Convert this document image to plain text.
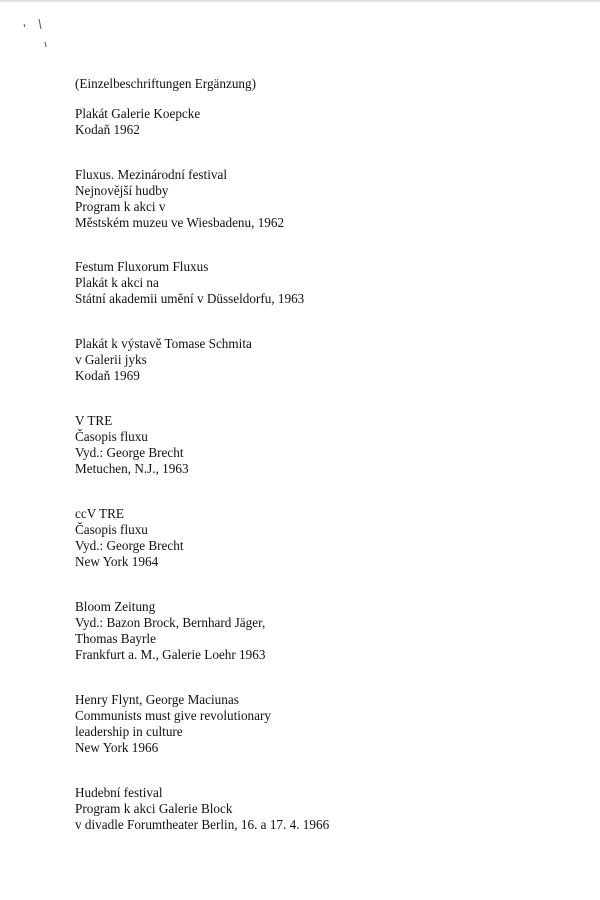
(Einzelbeschriftungen Ergänzung)
Plakát Galerie Koepcke
Kodaň 1962
Fluxus. Mezinárodní festival
Nejnovější hudby
Program k akci v
Městském muzeu ve Wiesbadenu, 1962
Festum Fluxorum Fluxus
Plakát k akci na
Státní akademii umění v Düsseldorfu, 1963
Plakát k výstavě Tomase Schmita
v Galerii jyks
Kodaň 1969
V TRE
Časopis fluxu
Vyd.: George Brecht
Metuchen, N.J., 1963
ccV TRE
Časopis fluxu
Vyd.: George Brecht
New York 1964
Bloom Zeitung
Vyd.: Bazon Brock, Bernhard Jäger,
Thomas Bayrle
Frankfurt a. M., Galerie Loehr 1963
Henry Flynt, George Maciunas
Communists must give revolutionary
leadership in culture
New York 1966
Hudební festival
Program k akci Galerie Block
v divadle Forumtheater Berlin, 16. a 17. 4. 1966
